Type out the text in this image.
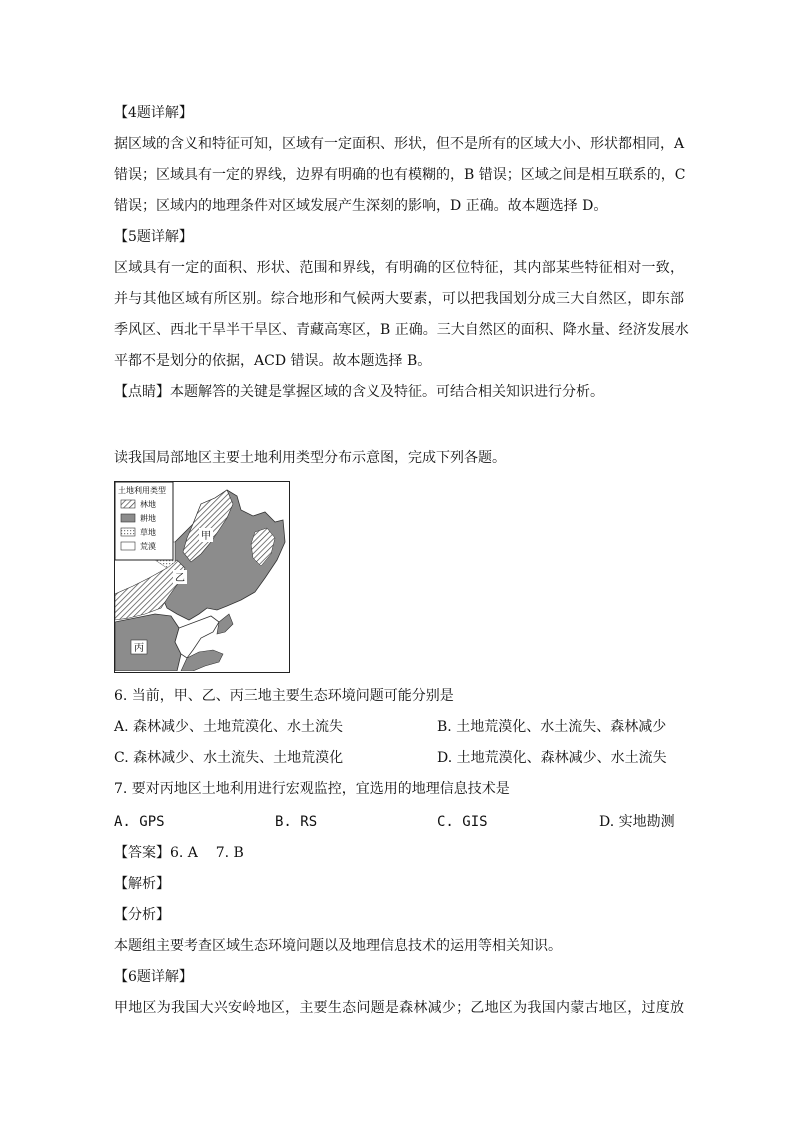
【4题详解】
据区域的含义和特征可知，区域有一定面积、形状，但不是所有的区域大小、形状都相同，A
错误；区域具有一定的界线，边界有明确的也有模糊的，B 错误；区域之间是相互联系的，C
错误；区域内的地理条件对区域发展产生深刻的影响，D 正确。故本题选择 D。
【5题详解】
区域具有一定的面积、形状、范围和界线，有明确的区位特征，其内部某些特征相对一致，
并与其他区域有所区别。综合地形和气候两大要素，可以把我国划分成三大自然区，即东部
季风区、西北干旱半干旱区、青藏高寒区，B 正确。三大自然区的面积、降水量、经济发展水
平都不是划分的依据，ACD 错误。故本题选择 B。
【点睛】本题解答的关键是掌握区域的含义及特征。可结合相关知识进行分析。
读我国局部地区主要土地利用类型分布示意图，完成下列各题。
土地利用类型
林地
耕地
草地
荒漠
甲
乙
丙
6. 当前，甲、乙、丙三地主要生态环境问题可能分别是
A. 森林减少、土地荒漠化、水土流失	B. 土地荒漠化、水土流失、森林减少
C. 森林减少、水土流失、土地荒漠化	D. 土地荒漠化、森林减少、水土流失
7. 要对丙地区土地利用进行宏观监控，宜选用的地理信息技术是
A. GPS	B. RS	C. GIS	D. 实地勘测
【答案】6. A    7. B
【解析】
【分析】
本题组主要考查区域生态环境问题以及地理信息技术的运用等相关知识。
【6题详解】
甲地区为我国大兴安岭地区，主要生态问题是森林减少；乙地区为我国内蒙古地区，过度放
